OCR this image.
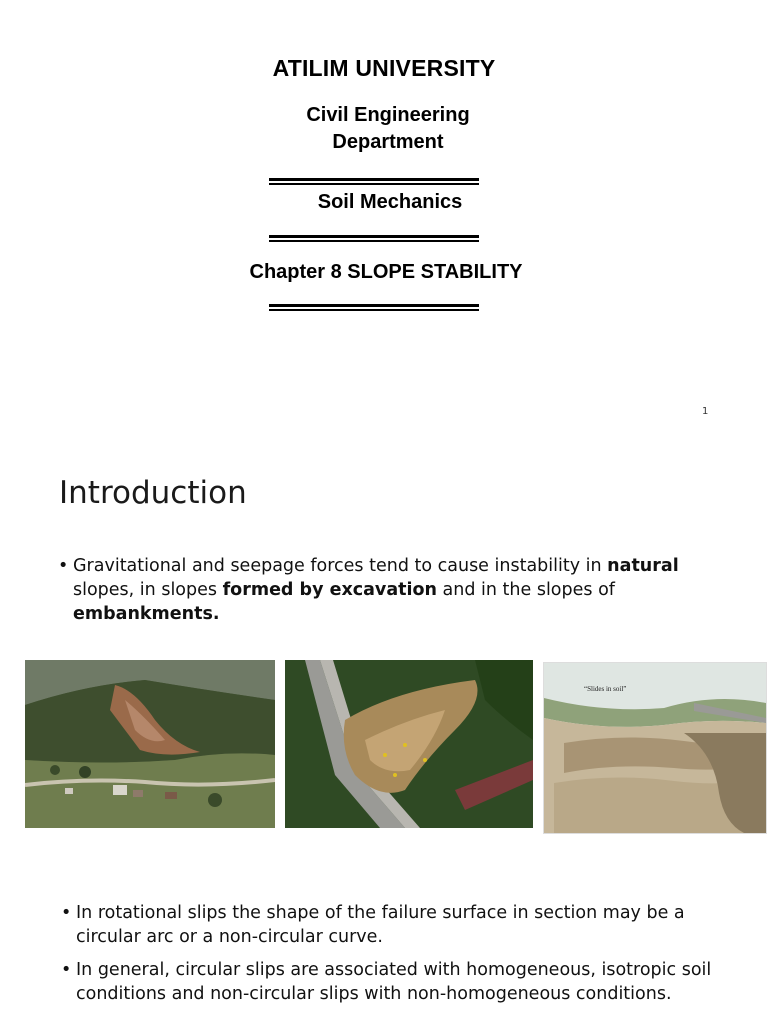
ATILIM UNIVERSITY
Civil Engineering
Department
Soil Mechanics
Chapter 8 SLOPE STABILITY
1
Introduction
• Gravitational and seepage forces tend to cause instability in natural slopes, in slopes formed by excavation and in the slopes of embankments.
“Slides in soil”
• In rotational slips the shape of the failure surface in section may be a circular arc or a non-circular curve.
• In general, circular slips are associated with homogeneous, isotropic soil conditions and non-circular slips with non-homogeneous conditions.
